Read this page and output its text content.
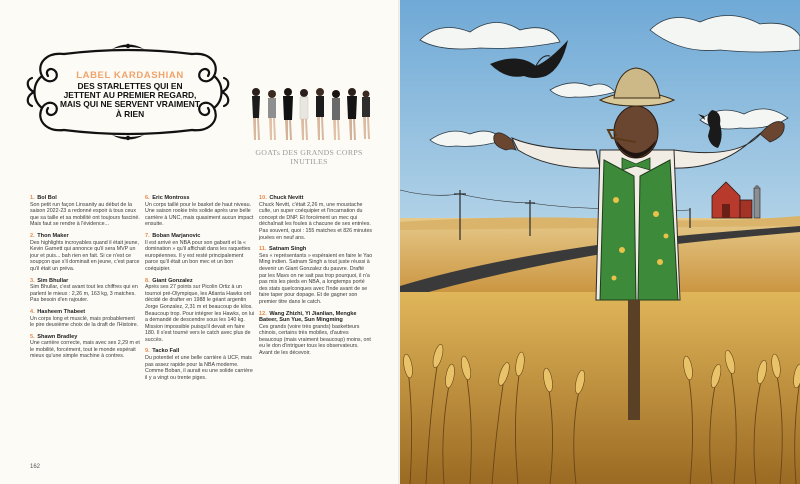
LABEL KARDASHIAN

DES STARLETTES QUI EN JETTENT AU PREMIER REGARD, MAIS QUI NE SERVENT VRAIMENT À RIEN

GOATs DES GRANDS CORPS INUTILES
1. Bol Bol

Son petit run façon Linsanity au début de la saison 2022-23 a redonné espoir à tous ceux que sa taille et sa mobilité ont toujours fasciné. Mais faut se rendre à l'évidence...

2. Thon Maker

Des highlights incroyables quand il était jeune, Kevin Garnett qui annonce qu'il sera MVP un jour et puis... bah rien en fait. Si ce n'est ce soupçon que s'il dominait en jeune, c'est parce qu'il était un préva.

3. Sim Bhullar

Sim Bhullar, c'est avant tout les chiffres qui en parlent le mieux : 2,26 m, 163 kg, 3 matches. Pas besoin d'en rajouter.

4. Hasheem Thabeet

Un corps long et musclé, mais probablement le pire deuxième choix de la draft de l'Histoire.

5. Shawn Bradley

Une carrière correcte, mais avec ses 2,29 m et le mobilité, forcément, tout le monde espérait mieux qu'une simple machine à contres.

6. Eric Montross

Un corps taillé pour le basket de haut niveau. Une saison rookie très solide après une belle carrière à UNC, mais quasiment aucun impact ensuite.

7. Boban Marjanovic

Il est arrivé en NBA pour son gabarit et la « domination » qu'il affichait dans les raquettes européennes. Il y est resté principalement parce qu'il était un bon mec et un bon coéquipier.

8. Giant Gonzalez

Après ses 27 points sur Picolin Ortiz à un tournoi pré-Olympique, les Atlanta Hawks ont décidé de drafter en 1988 le géant argentin Jorge Gonzalez, 2,31 m et beaucoup de kilos. Beaucoup trop. Pour intégrer les Hawks, on lui a demandé de descendre sous les 140 kg. Mission impossible puisqu'il devait en faire 180. Il s'est tourné vers le catch avec plus de succès.

9. Tacko Fall

Du potentiel et une belle carrière à UCF, mais pas assez rapide pour la NBA moderne. Comme Boban, il aurait eu une solide carrière il y a vingt ou trente piges.

10. Chuck Nevitt

Chuck Nevitt, c'était 2,26 m, une moustache culte, un super coéquipier et l'incarnation du concept de DNP. Et forcément un mec qui déchaînait les foules à chacune de ses entrées. Pas souvent, quoi : 155 matches et 826 minutes jouées en neuf ans.

11. Satnam Singh

Ses « représentants » espéraient en faire le Yao Ming indien. Satnam Singh a tout juste réussi à devenir un Giant Gonzalez du pauvre. Drafté par les Mavs on ne sait pas trop pourquoi, il n'a pas mis les pieds en NBA, a longtemps porté des stats quelconques avec l'Inde avant de se faire taper pour dopage. Et de gagner son premier titre dans le catch.

12. Wang Zhizhi, Yi Jianlian, Mengke Bateer, Sun Yue, Sun Mingming

Ces grands (voire très grands) basketteurs chinois, certains très mobiles, d'autres beaucoup (mais vraiment beaucoup) moins, ont eu le don d'intriguer tous les observateurs. Avant de les décevoir.

162
